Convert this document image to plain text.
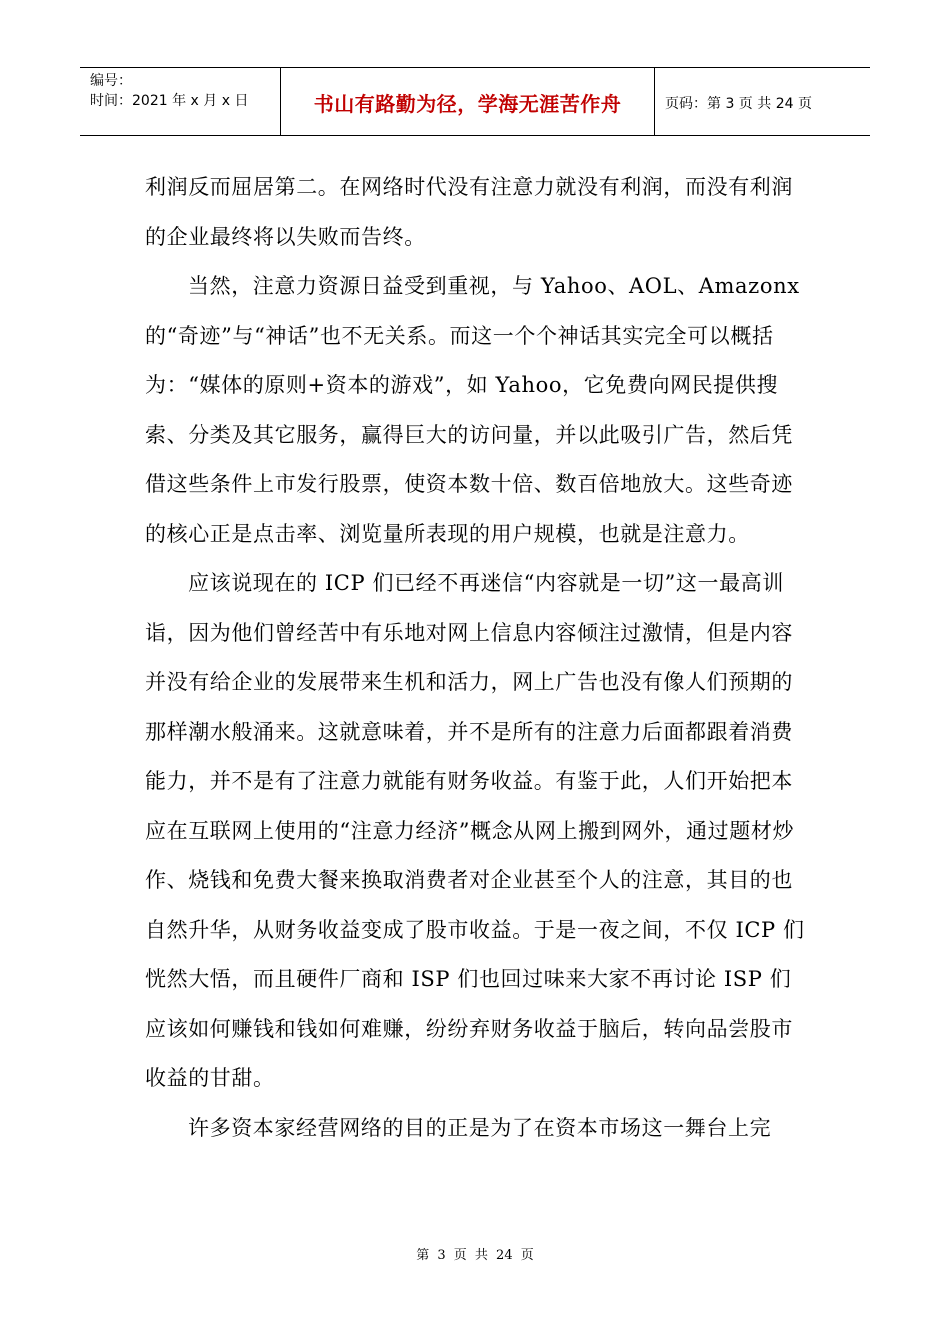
编号：
时间：2021 年 x 月 x 日	书山有路勤为径，学海无涯苦作舟	页码：第 3 页 共 24 页

利润反而屈居第二。在网络时代没有注意力就没有利润，而没有利润的企业最终将以失败而告终。

当然，注意力资源日益受到重视，与 Yahoo、AOL、Amazonx 的“奇迹”与“神话”也不无关系。而这一个个神话其实完全可以概括为：“媒体的原则+资本的游戏”，如 Yahoo，它免费向网民提供搜索、分类及其它服务，赢得巨大的访问量，并以此吸引广告，然后凭借这些条件上市发行股票，使资本数十倍、数百倍地放大。这些奇迹的核心正是点击率、浏览量所表现的用户规模，也就是注意力。

应该说现在的 ICP 们已经不再迷信“内容就是一切”这一最高训诣，因为他们曾经苦中有乐地对网上信息内容倾注过激情，但是内容并没有给企业的发展带来生机和活力，网上广告也没有像人们预期的那样潮水般涌来。这就意味着，并不是所有的注意力后面都跟着消费能力，并不是有了注意力就能有财务收益。有鉴于此，人们开始把本应在互联网上使用的“注意力经济”概念从网上搬到网外，通过题材炒作、烧钱和免费大餐来换取消费者对企业甚至个人的注意，其目的也自然升华，从财务收益变成了股市收益。于是一夜之间，不仅 ICP 们恍然大悟，而且硬件厂商和 ISP 们也回过味来大家不再讨论 ISP 们应该如何赚钱和钱如何难赚，纷纷弃财务收益于脑后，转向品尝股市收益的甘甜。

许多资本家经营网络的目的正是为了在资本市场这一舞台上完

第 3 页 共 24 页
